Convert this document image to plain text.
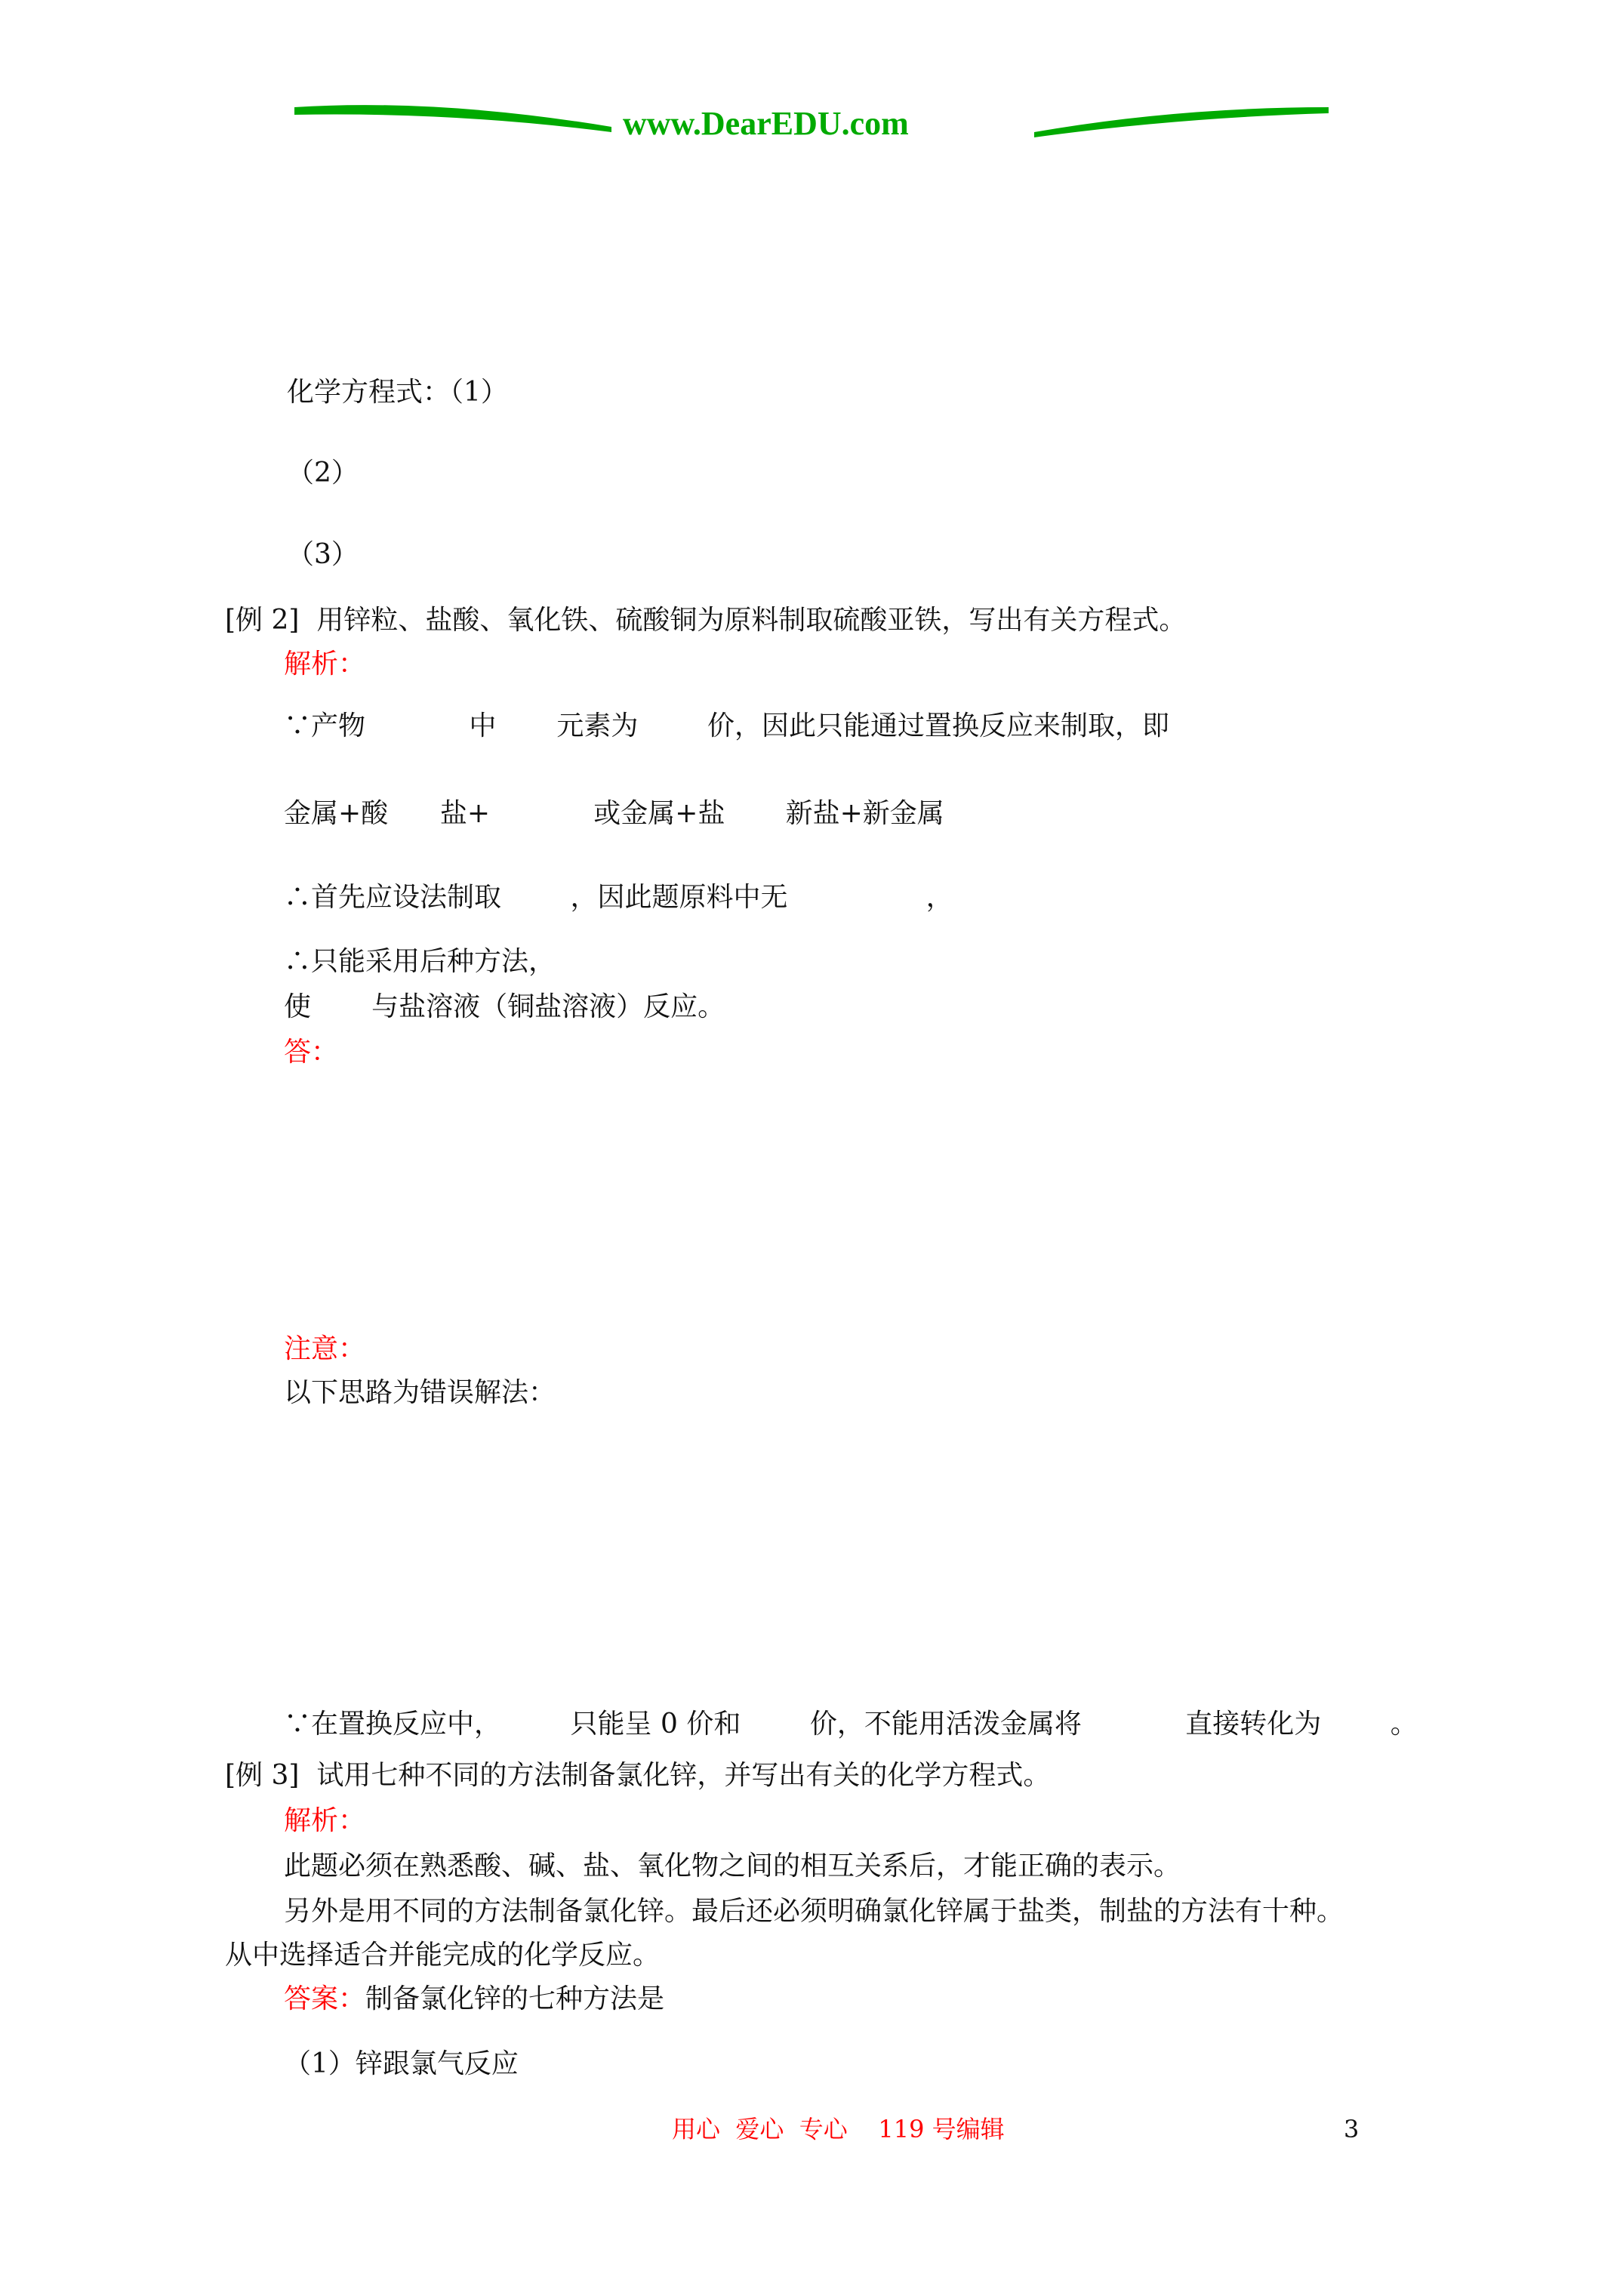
www.DearEDU.com
化学方程式：（1）
（2）
（3）
[例 2]  用锌粒、盐酸、氧化铁、硫酸铜为原料制取硫酸亚铁，写出有关方程式。
解析：
∵产物            中       元素为        价，因此只能通过置换反应来制取，即
金属+酸      盐+            或金属+盐       新盐+新金属
∴首先应设法制取        ，因此题原料中无                ，
∴只能采用后种方法，
使       与盐溶液（铜盐溶液）反应。
答：
注意：
以下思路为错误解法：
∵在置换反应中，        只能呈 0 价和        价，不能用活泼金属将            直接转化为        。
[例 3]  试用七种不同的方法制备氯化锌，并写出有关的化学方程式。
解析：
此题必须在熟悉酸、碱、盐、氧化物之间的相互关系后，才能正确的表示。
另外是用不同的方法制备氯化锌。最后还必须明确氯化锌属于盐类，制盐的方法有十种。
从中选择适合并能完成的化学反应。
答案：制备氯化锌的七种方法是
（1）锌跟氯气反应
用心  爱心  专心    119 号编辑	3
